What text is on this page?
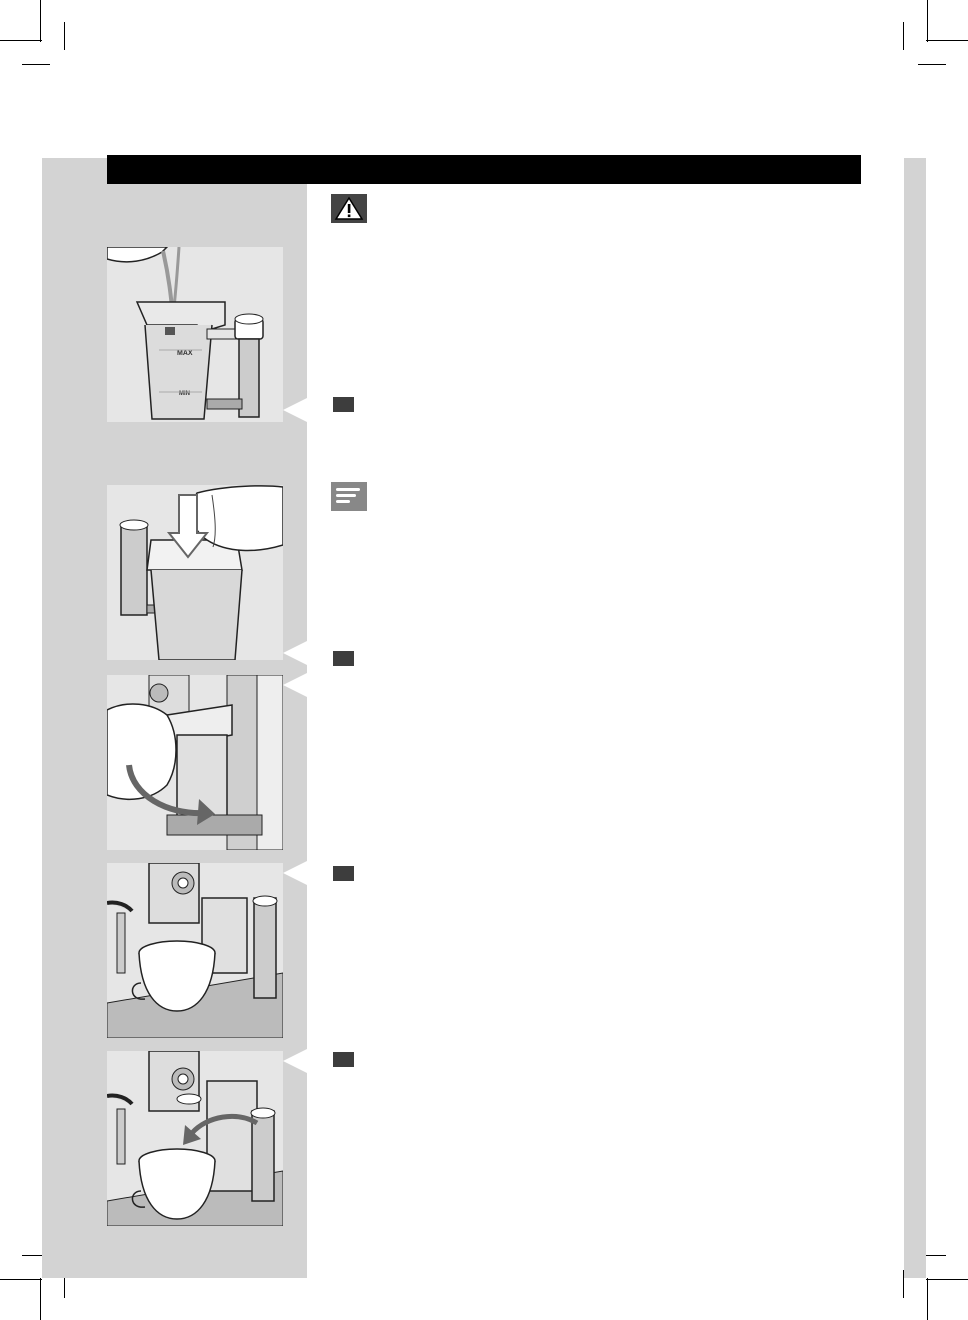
MAX
MIN
